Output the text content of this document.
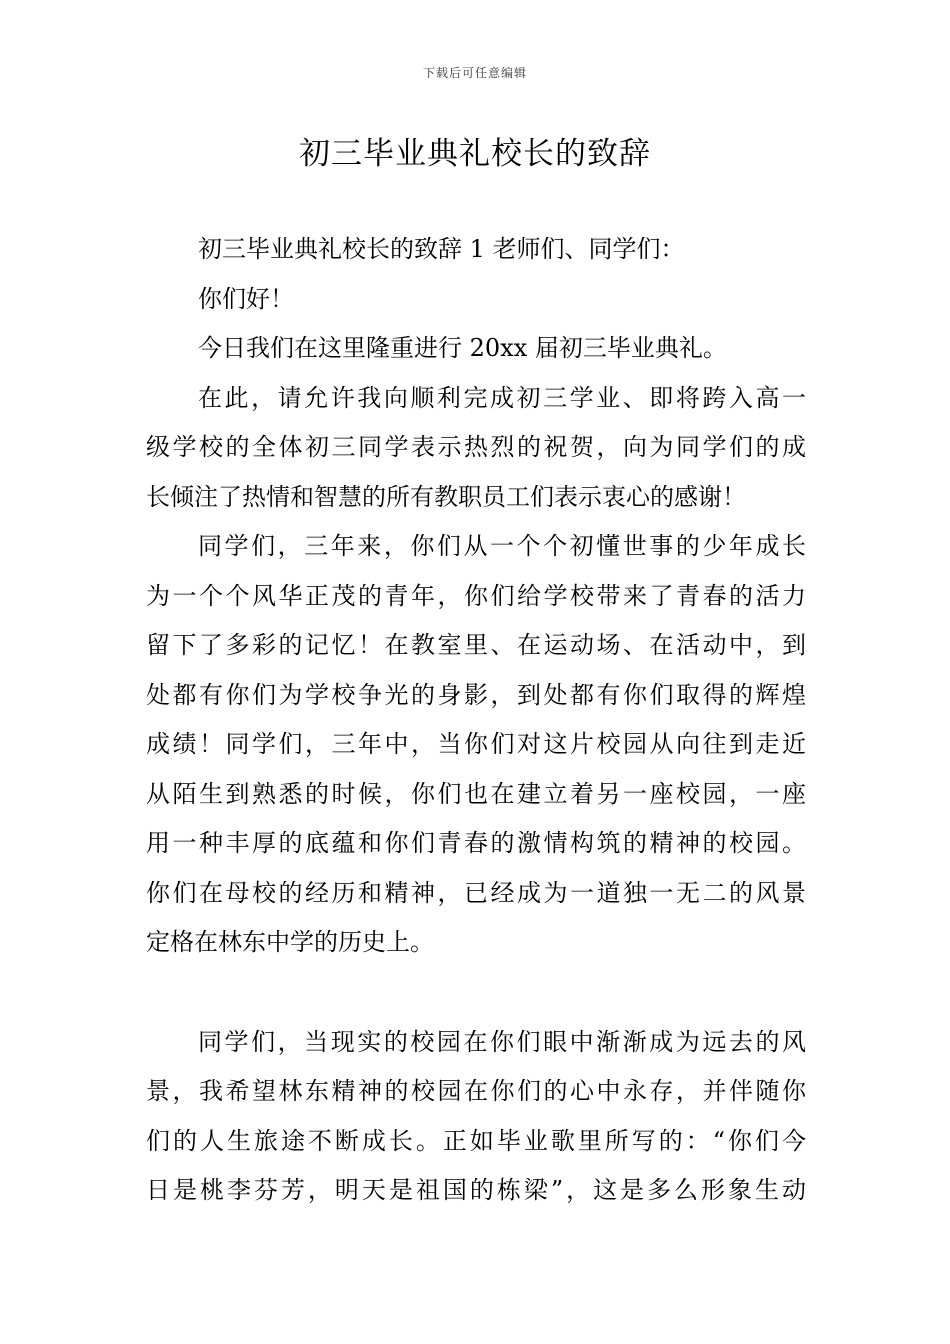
下载后可任意编辑
初三毕业典礼校长的致辞
初三毕业典礼校长的致辞 1 老师们、同学们：
你们好！
今日我们在这里隆重进行 20xx 届初三毕业典礼。
在此，请允许我向顺利完成初三学业、即将跨入高一
级学校的全体初三同学表示热烈的祝贺，向为同学们的成
长倾注了热情和智慧的所有教职员工们表示衷心的感谢！
同学们，三年来，你们从一个个初懂世事的少年成长
为一个个风华正茂的青年，你们给学校带来了青春的活力
留下了多彩的记忆！在教室里、在运动场、在活动中，到
处都有你们为学校争光的身影，到处都有你们取得的辉煌
成绩！同学们，三年中，当你们对这片校园从向往到走近
从陌生到熟悉的时候，你们也在建立着另一座校园，一座
用一种丰厚的底蕴和你们青春的激情构筑的精神的校园。
你们在母校的经历和精神，已经成为一道独一无二的风景
定格在林东中学的历史上。
同学们，当现实的校园在你们眼中渐渐成为远去的风
景，我希望林东精神的校园在你们的心中永存，并伴随你
们的人生旅途不断成长。正如毕业歌里所写的：“你们今
日是桃李芬芳，明天是祖国的栋梁”，这是多么形象生动
